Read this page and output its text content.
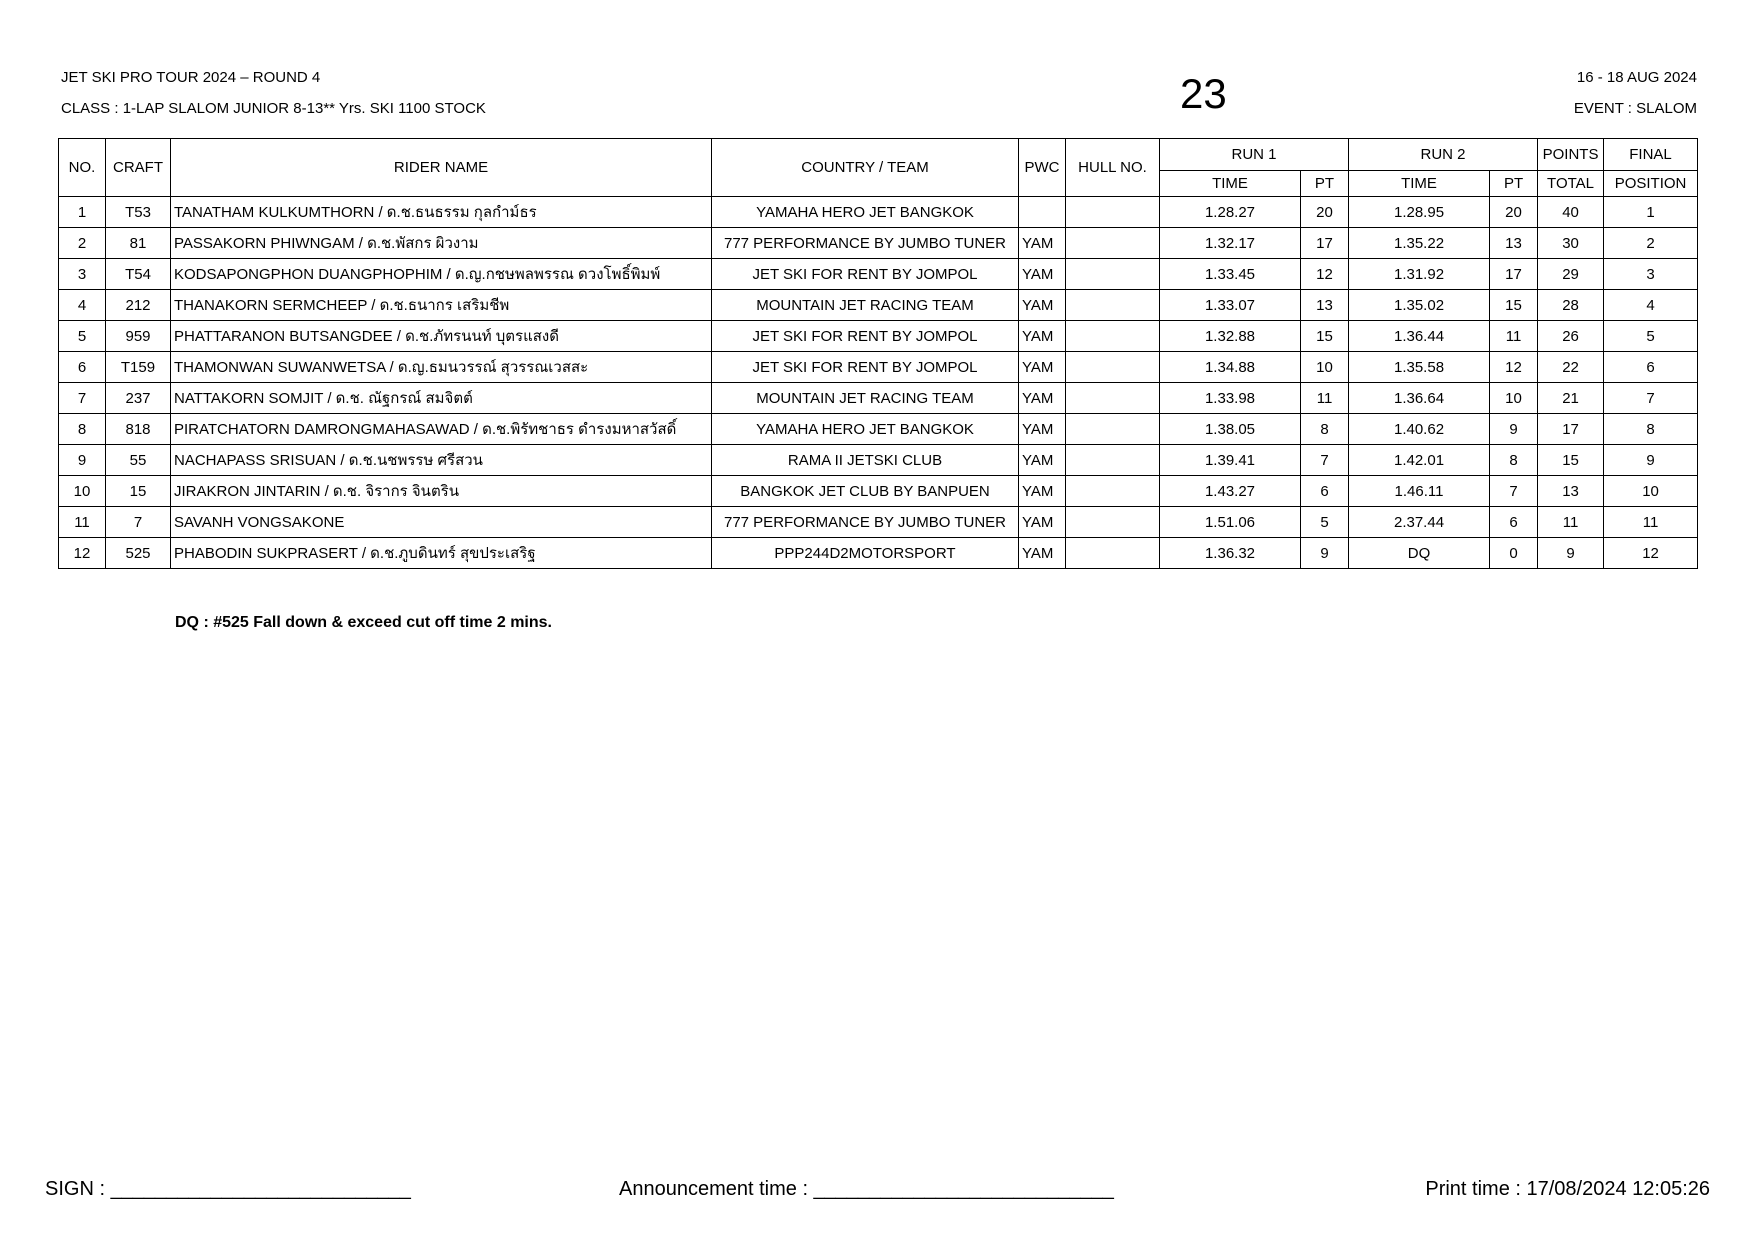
JET SKI PRO TOUR 2024 – ROUND 4
CLASS : 1-LAP SLALOM JUNIOR 8-13** Yrs. SKI 1100 STOCK	23	16 - 18 AUG 2024
EVENT : SLALOM
NO.	CRAFT	RIDER NAME	COUNTRY / TEAM	PWC	HULL NO.	RUN 1		RUN 2		POINTS	FINAL
						TIME	PT	TIME	PT	TOTAL	POSITION
1	T53	TANATHAM KULKUMTHORN / ด.ช.ธนธรรม กุลกำม์ธร	YAMAHA HERO JET BANGKOK			1.28.27	20	1.28.95	20	40	1
2	81	PASSAKORN PHIWNGAM / ด.ช.พัสกร ผิวงาม	777 PERFORMANCE BY JUMBO TUNER	YAM		1.32.17	17	1.35.22	13	30	2
3	T54	KODSAPONGPHON DUANGPHOPHIM / ด.ญ.กชษพลพรรณ ดวงโพธิ์พิมพ์	JET SKI FOR RENT BY JOMPOL	YAM		1.33.45	12	1.31.92	17	29	3
4	212	THANAKORN SERMCHEEP / ด.ช.ธนากร เสริมชีพ	MOUNTAIN JET RACING TEAM	YAM		1.33.07	13	1.35.02	15	28	4
5	959	PHATTARANON BUTSANGDEE / ด.ช.ภัทรนนท์ บุตรแสงดี	JET SKI FOR RENT BY JOMPOL	YAM		1.32.88	15	1.36.44	11	26	5
6	T159	THAMONWAN SUWANWETSA / ด.ญ.ธมนวรรณ์ สุวรรณเวสสะ	JET SKI FOR RENT BY JOMPOL	YAM		1.34.88	10	1.35.58	12	22	6
7	237	NATTAKORN SOMJIT / ด.ช. ณัฐกรณ์ สมจิตต์	MOUNTAIN JET RACING TEAM	YAM		1.33.98	11	1.36.64	10	21	7
8	818	PIRATCHATORN DAMRONGMAHASAWAD / ด.ช.พิรัทชาธร ดำรงมหาสวัสดิ์	YAMAHA HERO JET BANGKOK	YAM		1.38.05	8	1.40.62	9	17	8
9	55	NACHAPASS SRISUAN / ด.ช.นชพรรษ ศรีสวน	RAMA II JETSKI CLUB	YAM		1.39.41	7	1.42.01	8	15	9
10	15	JIRAKRON JINTARIN / ด.ช. จิรากร จินตริน	BANGKOK JET CLUB BY BANPUEN	YAM		1.43.27	6	1.46.11	7	13	10
11	7	SAVANH VONGSAKONE	777 PERFORMANCE BY JUMBO TUNER	YAM		1.51.06	5	2.37.44	6	11	11
12	525	PHABODIN SUKPRASERT / ด.ช.ภูบดินทร์ สุขประเสริฐ	PPP244D2MOTORSPORT	YAM		1.36.32	9	DQ	0	9	12
DQ : #525 Fall down & exceed cut off time 2 mins.
SIGN : ___________________________	Announcement time : ___________________________	Print time : 17/08/2024 12:05:26
